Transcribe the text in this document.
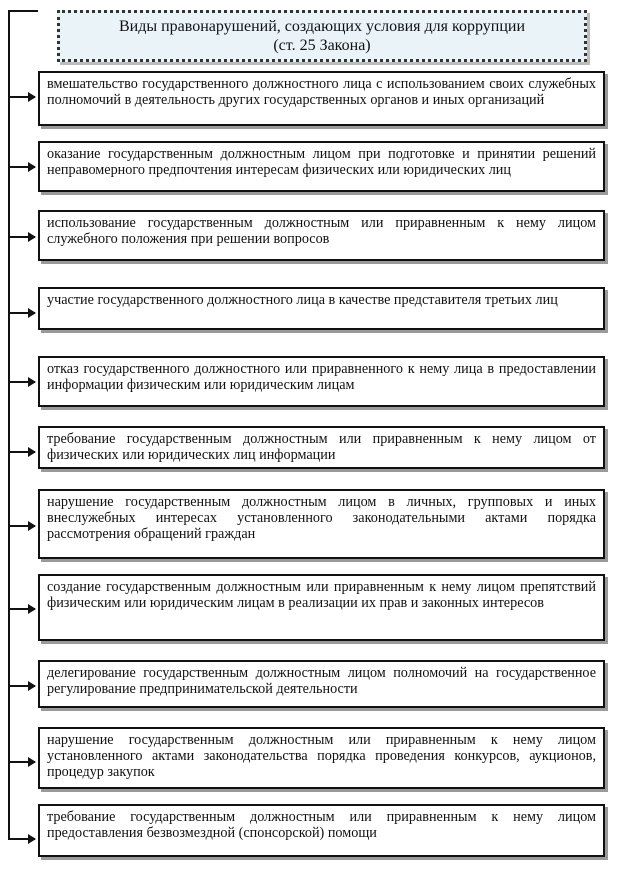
Виды правонарушений, создающих условия для коррупции
(ст. 25 Закона)
вмешательство государственного должностного лица с использованием своих служебных полномочий в деятельность других государственных органов и иных организаций
оказание государственным должностным лицом при подготовке и принятии решений неправомерного предпочтения интересам физических или юридических лиц
использование государственным должностным или приравненным к нему лицом служебного положения при решении вопросов
участие государственного должностного лица в качестве представителя третьих лиц
отказ государственного должностного или приравненного к нему лица в предоставлении информации физическим или юридическим лицам
требование государственным должностным или приравненным к нему лицом от физических или юридических лиц информации
нарушение государственным должностным лицом в личных, групповых и иных внеслужебных интересах установленного законодательными актами порядка рассмотрения обращений граждан
создание государственным должностным или приравненным к нему лицом препятствий физическим или юридическим лицам в реализации их прав и законных интересов
делегирование государственным должностным лицом полномочий на государственное регулирование предпринимательской деятельности
нарушение государственным должностным или приравненным к нему лицом установленного актами законодательства порядка проведения конкурсов, аукционов, процедур закупок
требование государственным должностным или приравненным к нему лицом предоставления безвозмездной (спонсорской) помощи
